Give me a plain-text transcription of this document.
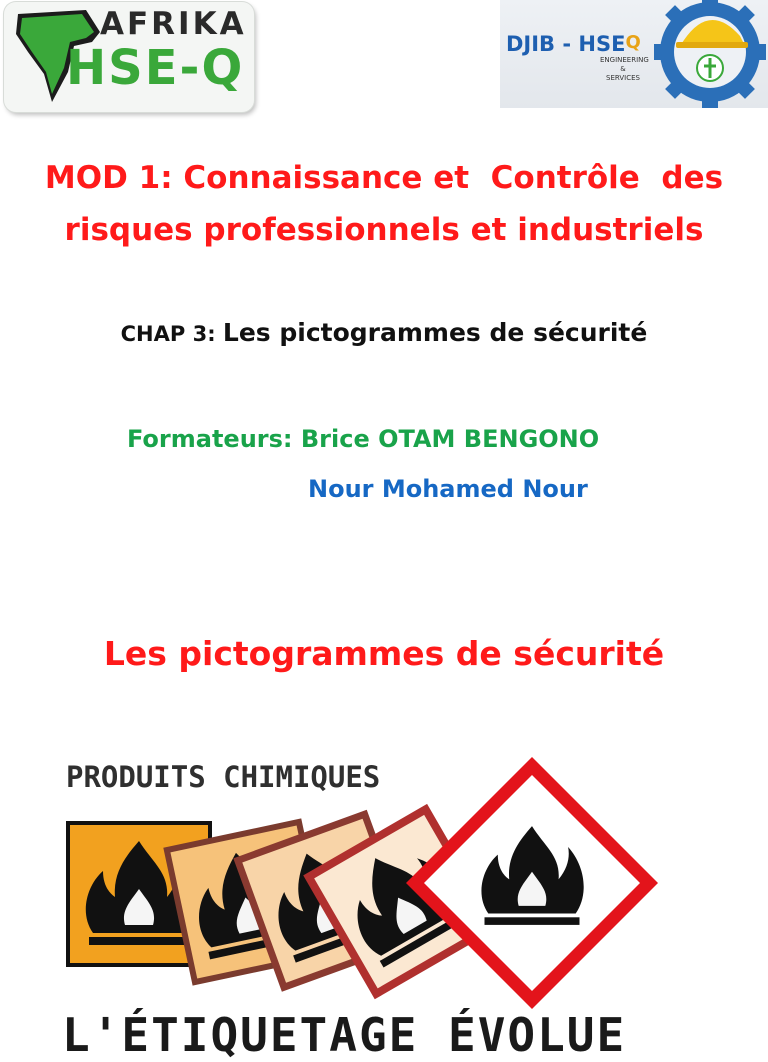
AFRIKA
HSE-Q	DJIB - HSEQ
ENGINEERING
&
SERVICES
MOD 1: Connaissance et  Contrôle  des
risques professionnels et industriels
CHAP 3: Les pictogrammes de sécurité
Formateurs: Brice OTAM BENGONO
Nour Mohamed Nour
Les pictogrammes de sécurité
PRODUITS CHIMIQUES
L'ÉTIQUETAGE ÉVOLUE
